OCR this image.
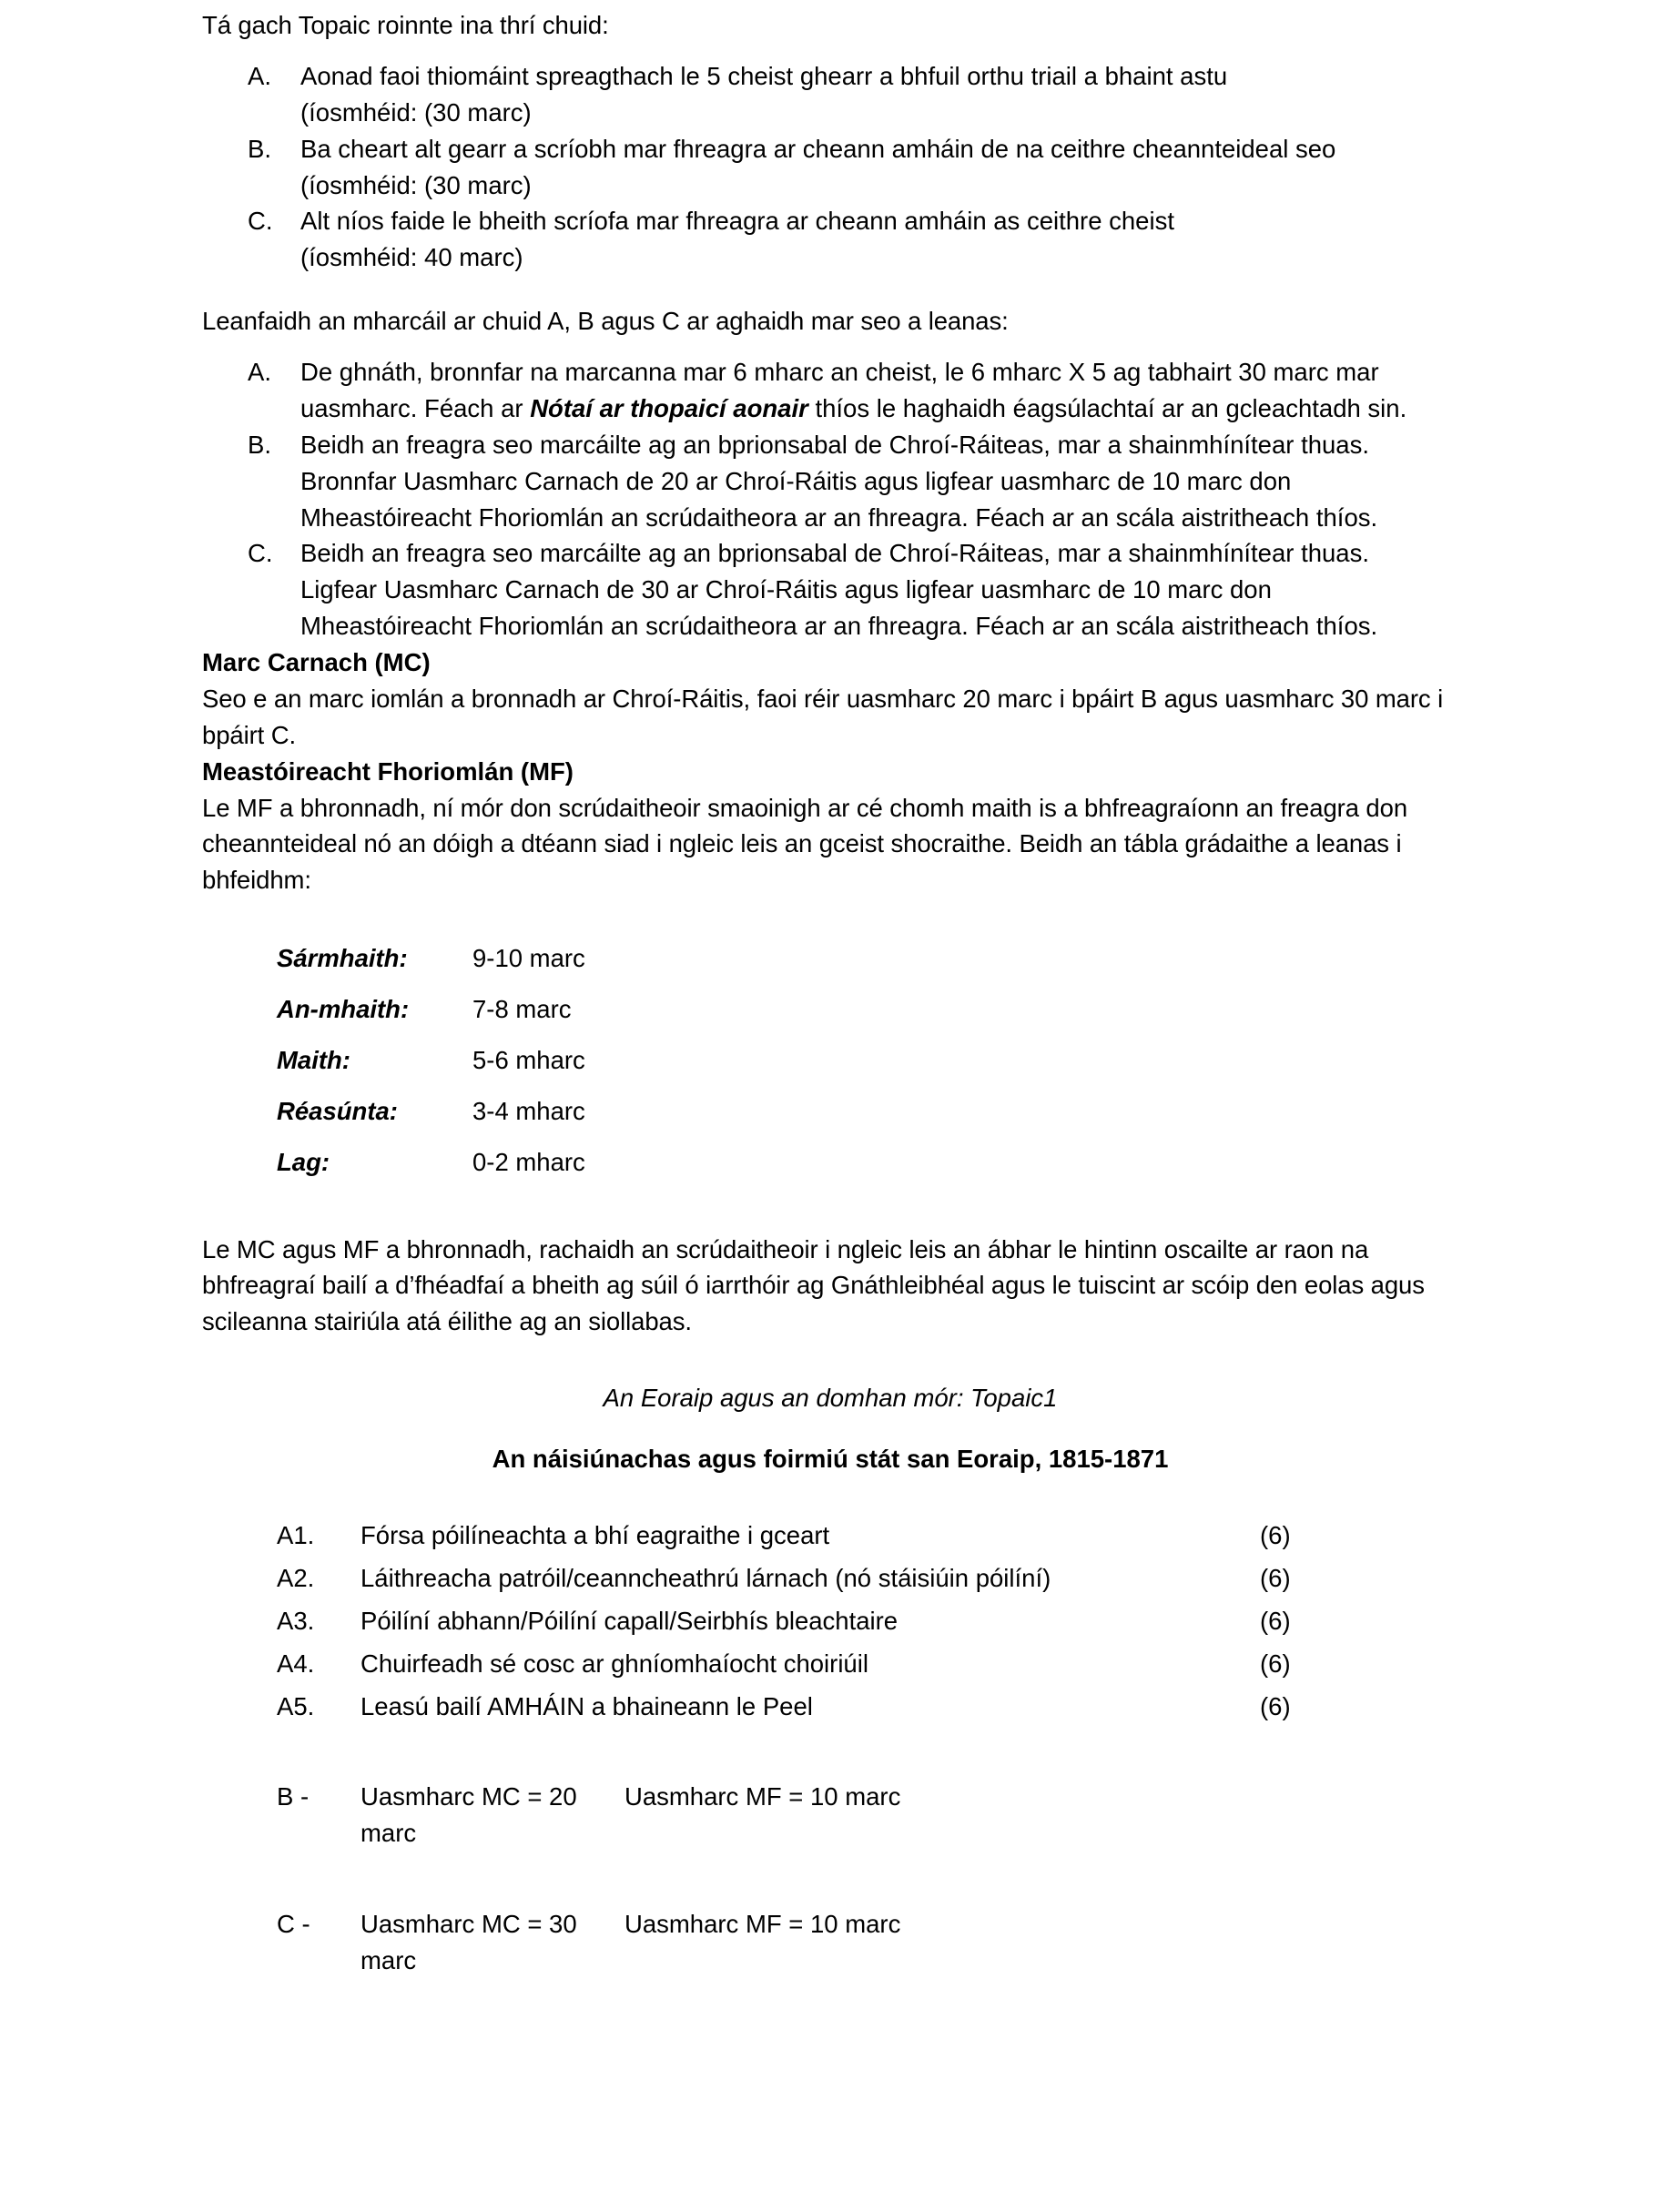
Tá gach Topaic roinnte ina thrí chuid:

A.	Aonad faoi thiomáint spreagthach le 5 cheist ghearr a bhfuil orthu triail a bhaint astu
(íosmhéid: (30 marc)
B.	Ba cheart alt gearr a scríobh mar fhreagra ar cheann amháin de na ceithre cheannteideal seo
(íosmhéid: (30 marc)
C.	Alt níos faide le bheith scríofa mar fhreagra ar cheann amháin as ceithre cheist
(íosmhéid: 40 marc)

Leanfaidh an mharcáil ar chuid A, B agus C ar aghaidh mar seo a leanas:

A.	De ghnáth, bronnfar na marcanna mar 6 mharc an cheist, le 6 mharc X 5 ag tabhairt 30 marc mar uasmharc. Féach ar Nótaí ar thopaicí aonair thíos le haghaidh éagsúlachtaí ar an gcleachtadh sin.
B.	Beidh an freagra seo marcáilte ag an bprionsabal de Chroí-Ráiteas, mar a shainmhínítear thuas.
Bronnfar Uasmharc Carnach de 20 ar Chroí-Ráitis agus ligfear uasmharc de 10 marc don Mheastóireacht Fhoriomlán an scrúdaitheora ar an fhreagra. Féach ar an scála aistritheach thíos.
C.	Beidh an freagra seo marcáilte ag an bprionsabal de Chroí-Ráiteas, mar a shainmhínítear thuas.
Ligfear Uasmharc Carnach de 30 ar Chroí-Ráitis agus ligfear uasmharc de 10 marc don Mheastóireacht Fhoriomlán an scrúdaitheora ar an fhreagra. Féach ar an scála aistritheach thíos.
Marc Carnach (MC)

Seo e an marc iomlán a bronnadh ar Chroí-Ráitis, faoi réir uasmharc 20 marc i bpáirt B agus uasmharc 30 marc i bpáirt C.

Meastóireacht Fhoriomlán (MF)

Le MF a bhronnadh, ní mór don scrúdaitheoir smaoinigh ar cé chomh maith is a bhfreagraíonn an freagra don cheannteideal nó an dóigh a dtéann siad i ngleic leis an gceist shocraithe. Beidh an tábla grádaithe a leanas i bhfeidhm:

Sármhaith:	9-10 marc
An-mhaith:	7-8 marc
Maith:	5-6 mharc
Réasúnta:	3-4 mharc
Lag:	0-2 mharc

Le MC agus MF a bhronnadh, rachaidh an scrúdaitheoir i ngleic leis an ábhar le hintinn oscailte ar raon na bhfreagraí bailí a d’fhéadfaí a bheith ag súil ó iarrthóir ag Gnáthleibhéal agus le tuiscint ar scóip den eolas agus scileanna stairiúla atá éilithe ag an siollabas.

An Eoraip agus an domhan mór: Topaic1

An náisiúnachas agus foirmiú stát san Eoraip, 1815-1871

A1.	Fórsa póilíneachta a bhí eagraithe i gceart	(6)
A2.	Láithreacha patróil/ceanncheathrú lárnach (nó stáisiúin póilíní)	(6)
A3.	Póilíní abhann/Póilíní capall/Seirbhís bleachtaire	(6)
A4.	Chuirfeadh sé cosc ar ghníomhaíocht choiriúil	(6)
A5.	Leasú bailí AMHÁIN a bhaineann le Peel	(6)
B -	Uasmharc MC = 20 marc	Uasmharc MF = 10 marc

C -	Uasmharc MC = 30 marc	Uasmharc MF = 10 marc
